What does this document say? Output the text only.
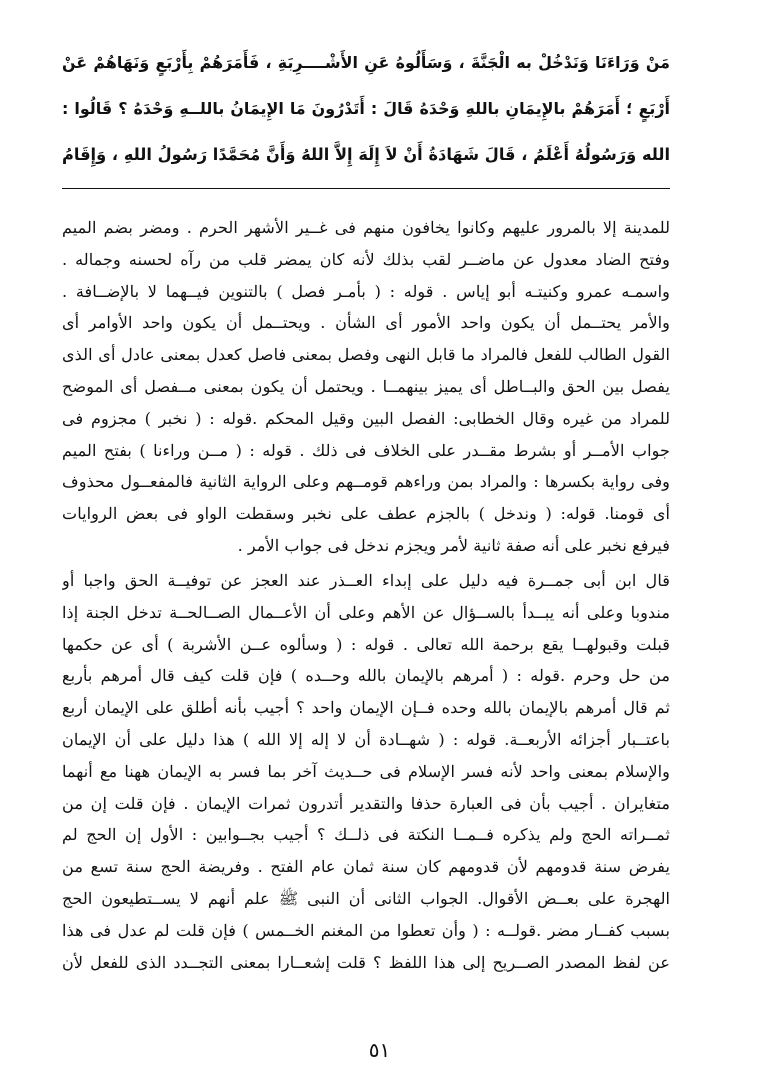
مَنْ وَرَاءَنَا وَنَدْخُلْ به الْجَنَّةَ ، وَسَأَلُوهُ عَنِ الأَشْــــرِبَةِ ، فَأَمَرَهُمْ بِأَرْبَعٍ وَنَهَاهُمْ عَنْ
أَرْبَعٍ ؛ أَمَرَهُمْ بالإِيمَانِ باللهِ وَحْدَهُ قَالَ : أَتَدْرُونَ مَا الإِيمَانُ باللــهِ وَحْدَهُ ؟ قَالُوا :
الله وَرَسُولُهُ أَعْلَمُ ، قَالَ شَهَادَةُ أَنْ لاَ إِلَهَ إِلاَّ اللهُ وَأَنَّ مُحَمَّدًا رَسُولُ اللهِ ، وَإِقَامُ
للمدينة إلا بالمرور عليهم وكانوا يخافون منهم فى غــير الأشهر الحرم . ومضر بضم الميم
وفتح الضاد معدول عن ماضــر لقب بذلك لأنه كان يمضر قلب من رآه لحسنه وجماله .
واسمـه عمرو وكنيتـه أبو إياس . قوله : ( بأمـر فصل ) بالتنوين فيــهما لا بالإضــافة .
والأمر يحتــمل أن يكون واحد الأمور أى الشأن . ويحتــمل أن يكون واحد الأوامر أى
القول الطالب للفعل فالمراد ما قابل النهى وفصل بمعنى فاصل كعدل بمعنى عادل أى الذى
يفصل بين الحق والبــاطل أى يميز بينهمــا . ويحتمل أن يكون بمعنى مــفصل أى الموضح
للمراد من غيره وقال الخطابى: الفصل البين وقيل المحكم .قوله : ( نخبر ) مجزوم فى
جواب الأمــر أو بشرط مقــدر على الخلاف فى ذلك . قوله : ( مــن وراءنا ) بفتح الميم
وفى رواية بكسرها : والمراد بمن وراءهم قومــهم وعلى الرواية الثانية فالمفعــول محذوف
أى قومنا. قوله: ( وندخل ) بالجزم عطف على نخبر وسقطت الواو فى بعض الروايات
فيرفع نخبر على أنه صفة ثانية لأمر ويجزم ندخل فى جواب الأمر .
قال ابن أبى جمــرة فيه دليل على إبداء العــذر عند العجز عن توفيــة الحق واجبا أو
مندوبا وعلى أنه يبــدأ بالســؤال عن الأهم وعلى أن الأعــمال الصــالحــة تدخل الجنة إذا
قبلت وقبولهــا يقع برحمة الله تعالى . قوله : ( وسألوه عــن الأشربة ) أى عن حكمها
من حل وحرم .قوله : ( أمرهم بالإيمان بالله وحــده ) فإن قلت كيف قال أمرهم بأربع
ثم قال أمرهم بالإيمان بالله وحده فــإن الإيمان واحد ؟ أجيب بأنه أطلق على الإيمان أربع
باعتــبار أجزائه الأربعــة. قوله : ( شهــادة أن لا إله إلا الله ) هذا دليل على أن الإيمان
والإسلام بمعنى واحد لأنه فسر الإسلام فى حــديث آخر بما فسر به الإيمان ههنا مع أنهما
متغايران . أجيب بأن فى العبارة حذفا والتقدير أتدرون ثمرات الإيمان . فإن قلت إن من
ثمــراته الحج ولم يذكره فــمــا النكتة فى ذلــك ؟ أجيب بجــوابين : الأول إن الحج لم
يفرض سنة قدومهم لأن قدومهم كان سنة ثمان عام الفتح . وفريضة الحج سنة تسع من
الهجرة على بعــض الأقوال. الجواب الثانى أن النبى ﷺ علم أنهم لا يســتطيعون الحج
بسبب كفــار مضر .قولــه : ( وأن تعطوا من المغنم الخــمس ) فإن قلت لم عدل فى هذا
عن لفظ المصدر الصــريح إلى هذا اللفظ ؟ قلت إشعــارا بمعنى التجــدد الذى للفعل لأن
٥١
